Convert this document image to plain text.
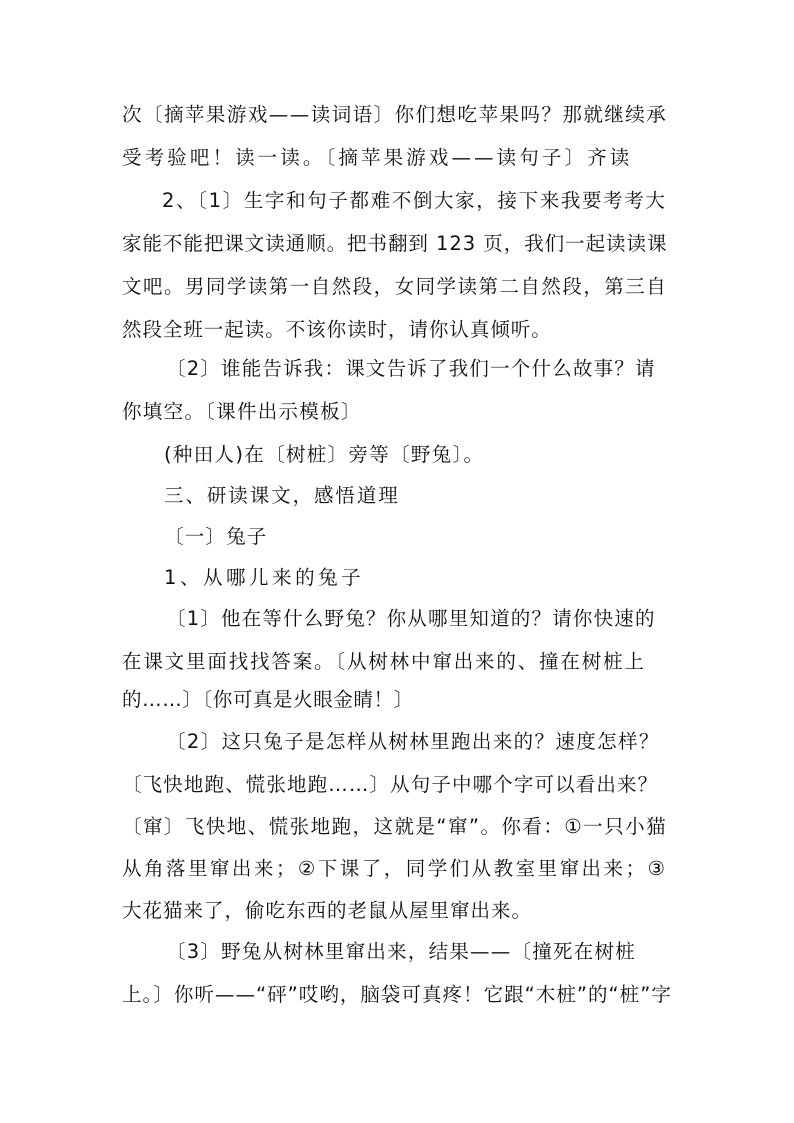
次〔摘苹果游戏——读词语〕你们想吃苹果吗？那就继续承
受考验吧！读一读。〔摘苹果游戏——读句子〕齐读
2、〔1〕生字和句子都难不倒大家，接下来我要考考大
家能不能把课文读通顺。把书翻到 123 页，我们一起读读课
文吧。男同学读第一自然段，女同学读第二自然段，第三自
然段全班一起读。不该你读时，请你认真倾听。
〔2〕谁能告诉我：课文告诉了我们一个什么故事？请
你填空。〔课件出示模板〕
(种田人)在〔树桩〕旁等〔野兔〕。
三、研读课文，感悟道理
〔一〕兔子
1、从哪儿来的兔子
〔1〕他在等什么野兔？你从哪里知道的？请你快速的
在课文里面找找答案。〔从树林中窜出来的、撞在树桩上
的……〕〔你可真是火眼金睛！〕
〔2〕这只兔子是怎样从树林里跑出来的？速度怎样？
〔飞快地跑、慌张地跑……〕从句子中哪个字可以看出来？
〔窜〕飞快地、慌张地跑，这就是“窜”。你看：①一只小猫
从角落里窜出来；②下课了，同学们从教室里窜出来；③
大花猫来了，偷吃东西的老鼠从屋里窜出来。
〔3〕野兔从树林里窜出来，结果——〔撞死在树桩
上。〕你听——“砰”哎哟，脑袋可真疼！它跟“木桩”的“桩”字
